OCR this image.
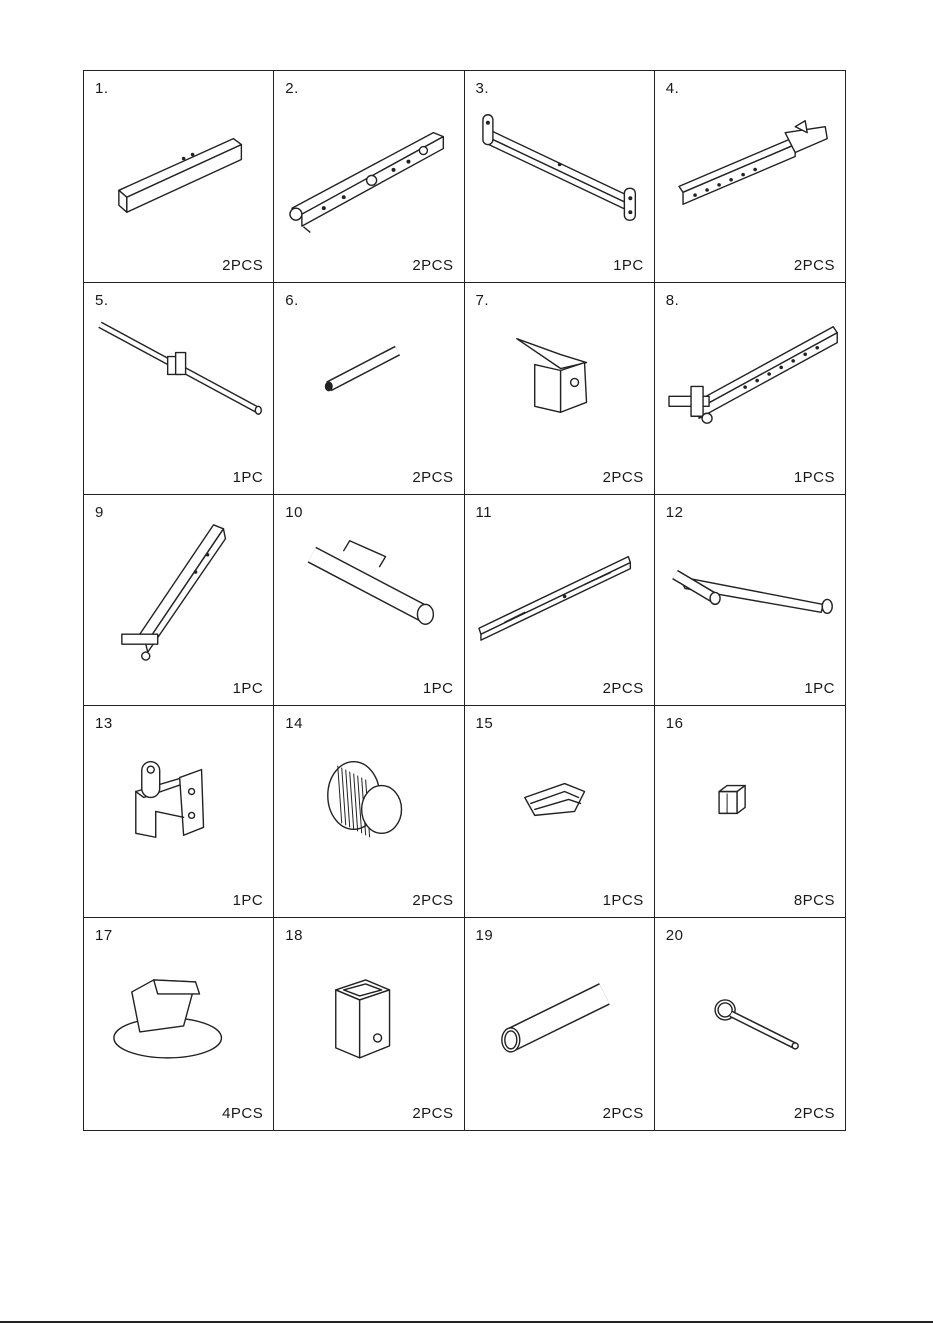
1.
2PCS
2.
2PCS
3.
1PC
4.
2PCS
5.
1PC
6.
2PCS
7.
2PCS
8.
1PCS
9
1PC
10
1PC
11
2PCS
12
1PC
13
1PC
14
2PCS
15
1PCS
16
8PCS
17
4PCS
18
2PCS
19
2PCS
20
2PCS
